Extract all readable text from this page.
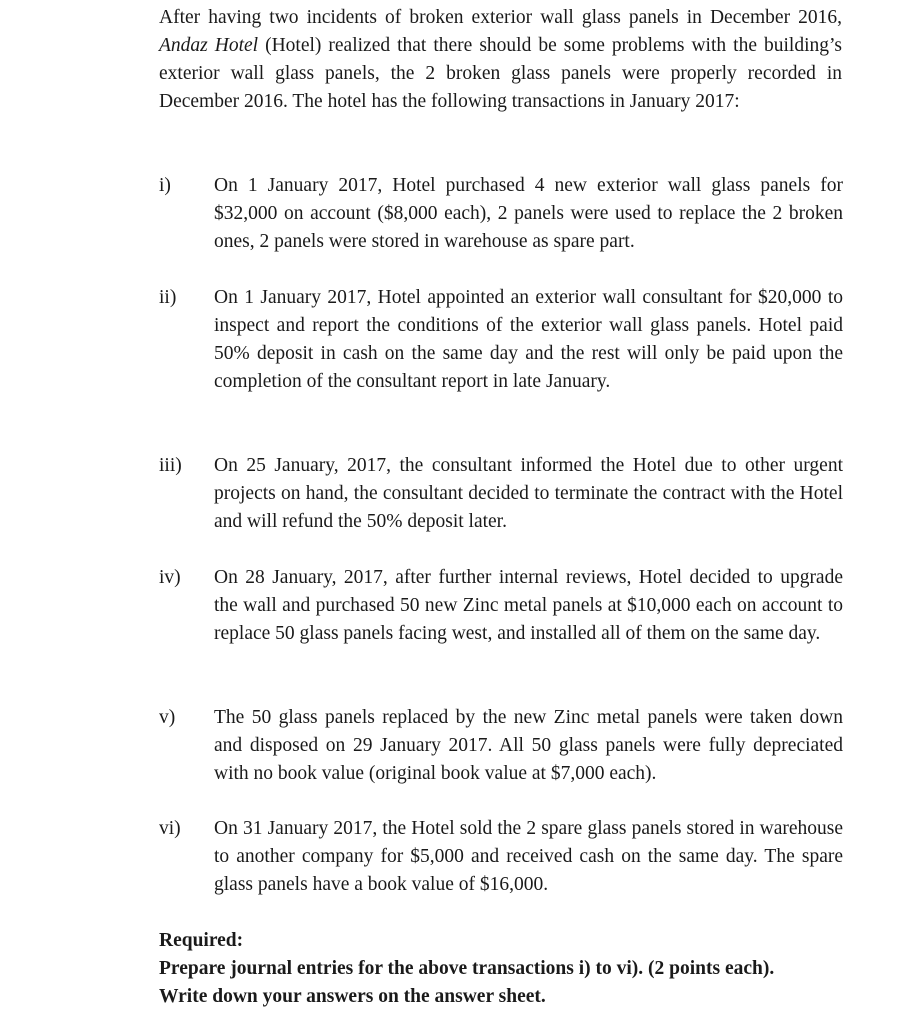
After having two incidents of broken exterior wall glass panels in December 2016, Andaz Hotel (Hotel) realized that there should be some problems with the building’s exterior wall glass panels, the 2 broken glass panels were properly recorded in December 2016. The hotel has the following transactions in January 2017:
i)	On 1 January 2017, Hotel purchased 4 new exterior wall glass panels for $32,000 on account ($8,000 each), 2 panels were used to replace the 2 broken ones, 2 panels were stored in warehouse as spare part.
ii)	On 1 January 2017, Hotel appointed an exterior wall consultant for $20,000 to inspect and report the conditions of the exterior wall glass panels. Hotel paid 50% deposit in cash on the same day and the rest will only be paid upon the completion of the consultant report in late January.
iii)	On 25 January, 2017, the consultant informed the Hotel due to other urgent projects on hand, the consultant decided to terminate the contract with the Hotel and will refund the 50% deposit later.
iv)	On 28 January, 2017, after further internal reviews, Hotel decided to upgrade the wall and purchased 50 new Zinc metal panels at $10,000 each on account to replace 50 glass panels facing west, and installed all of them on the same day.
v)	The 50 glass panels replaced by the new Zinc metal panels were taken down and disposed on 29 January 2017. All 50 glass panels were fully depreciated with no book value (original book value at $7,000 each).
vi)	On 31 January 2017, the Hotel sold the 2 spare glass panels stored in warehouse to another company for $5,000 and received cash on the same day. The spare glass panels have a book value of $16,000.
Required:
Prepare journal entries for the above transactions i) to vi). (2 points each).
Write down your answers on the answer sheet.
